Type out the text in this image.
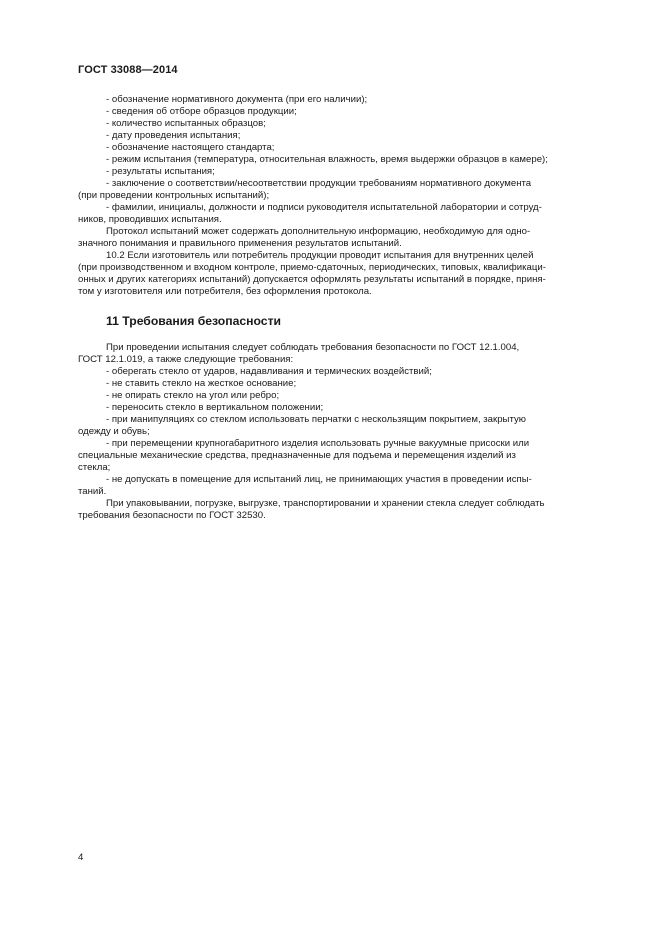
ГОСТ 33088—2014
- обозначение нормативного документа (при его наличии);
- сведения об отборе образцов продукции;
- количество испытанных образцов;
- дату проведения испытания;
- обозначение настоящего стандарта;
- режим испытания (температура, относительная влажность, время выдержки образцов в камере);
- результаты испытания;
- заключение о соответствии/несоответствии продукции требованиям нормативного документа
(при проведении контрольных испытаний);
- фамилии, инициалы, должности и подписи руководителя испытательной лаборатории и сотруд-
ников, проводивших испытания.
Протокол испытаний может содержать дополнительную информацию, необходимую для одно-
значного понимания и правильного применения результатов испытаний.
10.2 Если изготовитель или потребитель продукции проводит испытания для внутренних целей
(при производственном и входном контроле, приемо-сдаточных, периодических, типовых, квалификаци-
онных и других категориях испытаний) допускается оформлять результаты испытаний в порядке, приня-
том у изготовителя или потребителя, без оформления протокола.
11 Требования безопасности
При проведении испытания следует соблюдать требования безопасности по ГОСТ 12.1.004,
ГОСТ 12.1.019, а также следующие требования:
- оберегать стекло от ударов, надавливания и термических воздействий;
- не ставить стекло на жесткое основание;
- не опирать стекло на угол или ребро;
- переносить стекло в вертикальном положении;
- при манипуляциях со стеклом использовать перчатки с нескользящим покрытием, закрытую
одежду и обувь;
- при перемещении крупногабаритного изделия использовать ручные вакуумные присоски или
специальные механические средства, предназначенные для подъема и перемещения изделий из
стекла;
- не допускать в помещение для испытаний лиц, не принимающих участия в проведении испы-
таний.
При упаковывании, погрузке, выгрузке, транспортировании и хранении стекла следует соблюдать
требования безопасности по ГОСТ 32530.
4
